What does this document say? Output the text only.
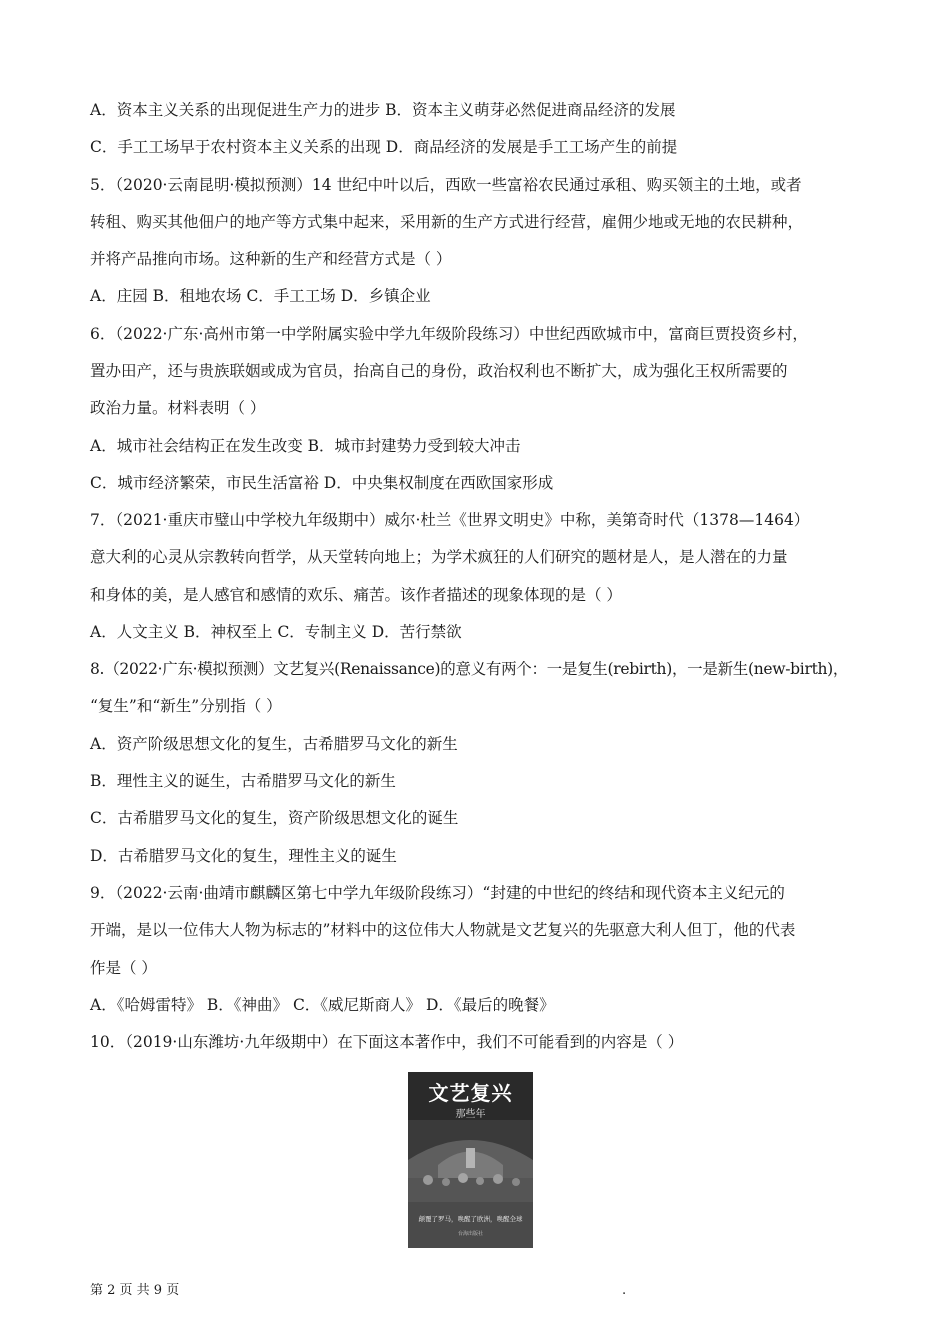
A．资本主义关系的出现促进生产力的进步 B．资本主义萌芽必然促进商品经济的发展
C．手工工场早于农村资本主义关系的出现 D．商品经济的发展是手工工场产生的前提
5．（2020·云南昆明·模拟预测）14 世纪中叶以后，西欧一些富裕农民通过承租、购买领主的土地，或者
转租、购买其他佃户的地产等方式集中起来，采用新的生产方式进行经营，雇佣少地或无地的农民耕种，
并将产品推向市场。这种新的生产和经营方式是（ ）
A．庄园 B．租地农场 C．手工工场 D．乡镇企业
6．（2022·广东·高州市第一中学附属实验中学九年级阶段练习）中世纪西欧城市中，富商巨贾投资乡村，
置办田产，还与贵族联姻或成为官员，抬高自己的身份，政治权利也不断扩大，成为强化王权所需要的
政治力量。材料表明（ ）
A．城市社会结构正在发生改变 B．城市封建势力受到较大冲击
C．城市经济繁荣，市民生活富裕 D．中央集权制度在西欧国家形成
7．（2021·重庆市璧山中学校九年级期中）威尔·杜兰《世界文明史》中称，美第奇时代（1378—1464）
意大利的心灵从宗教转向哲学，从天堂转向地上；为学术疯狂的人们研究的题材是人，是人潜在的力量
和身体的美，是人感官和感情的欢乐、痛苦。该作者描述的现象体现的是（ ）
A．人文主义 B．神权至上 C．专制主义 D．苦行禁欲
8.（2022·广东·模拟预测）文艺复兴(Renaissance)的意义有两个：一是复生(rebirth)，一是新生(new-birth)，
“复生”和“新生”分别指（ ）
A．资产阶级思想文化的复生，古希腊罗马文化的新生
B．理性主义的诞生，古希腊罗马文化的新生
C．古希腊罗马文化的复生，资产阶级思想文化的诞生
D．古希腊罗马文化的复生，理性主义的诞生
9．（2022·云南·曲靖市麒麟区第七中学九年级阶段练习）“封建的中世纪的终结和现代资本主义纪元的
开端，是以一位伟大人物为标志的”材料中的这位伟大人物就是文艺复兴的先驱意大利人但丁，他的代表
作是（ ）
A．《哈姆雷特》 B．《神曲》 C．《威尼斯商人》 D．《最后的晚餐》
10．（2019·山东潍坊·九年级期中）在下面这本著作中，我们不可能看到的内容是（ ）
文艺复兴
那些年
颠覆了罗马，唤醒了欧洲，唤醒全球
台海出版社
第 2 页 共 9 页	.
